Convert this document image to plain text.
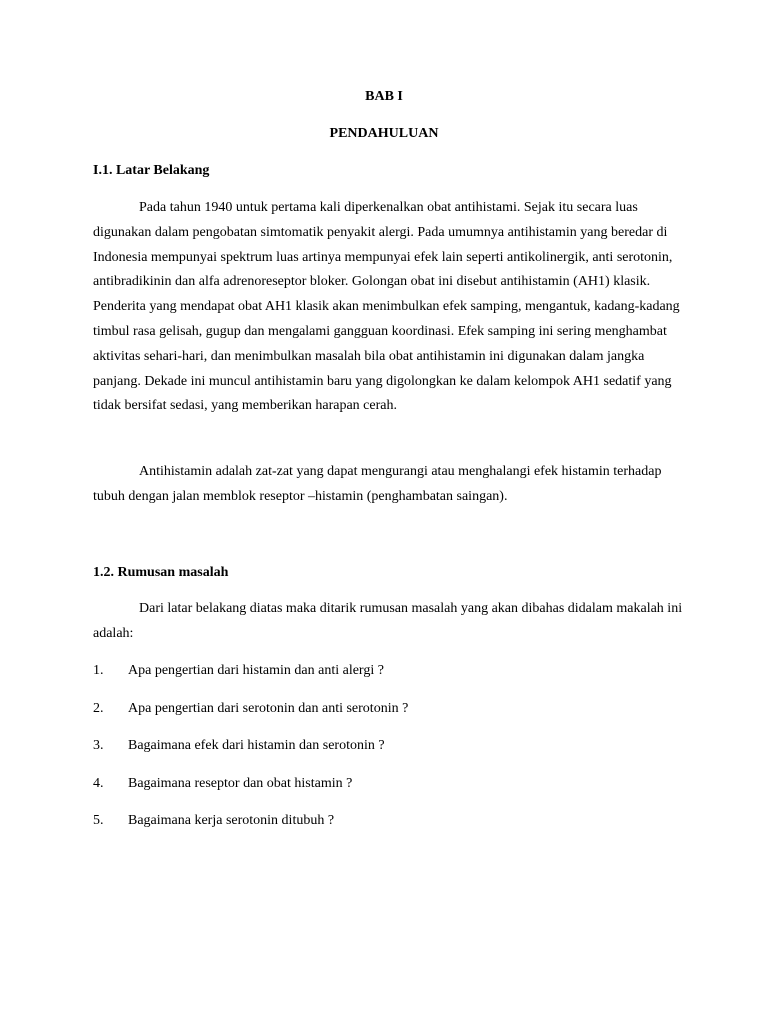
BAB I
PENDAHULUAN
I.1. Latar Belakang

Pada tahun 1940 untuk pertama kali diperkenalkan obat antihistami. Sejak itu secara luas digunakan dalam pengobatan simtomatik penyakit alergi. Pada umumnya antihistamin yang beredar di Indonesia mempunyai spektrum luas artinya mempunyai efek lain seperti antikolinergik, anti serotonin, antibradikinin dan alfa adrenoreseptor bloker. Golongan obat ini disebut antihistamin (AH1) klasik. Penderita yang mendapat obat AH1 klasik akan menimbulkan efek samping, mengantuk, kadang-kadang timbul rasa gelisah, gugup dan mengalami gangguan koordinasi. Efek samping ini sering menghambat aktivitas sehari-hari, dan menimbulkan masalah bila obat antihistamin ini digunakan dalam jangka panjang. Dekade ini muncul antihistamin baru yang digolongkan ke dalam kelompok AH1 sedatif yang tidak bersifat sedasi, yang memberikan harapan cerah.

Antihistamin adalah zat-zat yang dapat mengurangi atau menghalangi efek histamin terhadap tubuh dengan jalan memblok reseptor –histamin (penghambatan saingan).

1.2. Rumusan masalah

Dari latar belakang diatas maka ditarik rumusan masalah yang akan dibahas didalam makalah ini adalah:

1. Apa pengertian dari histamin dan anti alergi ?
2. Apa pengertian dari serotonin dan anti serotonin ?
3. Bagaimana efek dari histamin dan serotonin ?
4. Bagaimana reseptor dan obat histamin ?
5. Bagaimana kerja serotonin ditubuh ?
